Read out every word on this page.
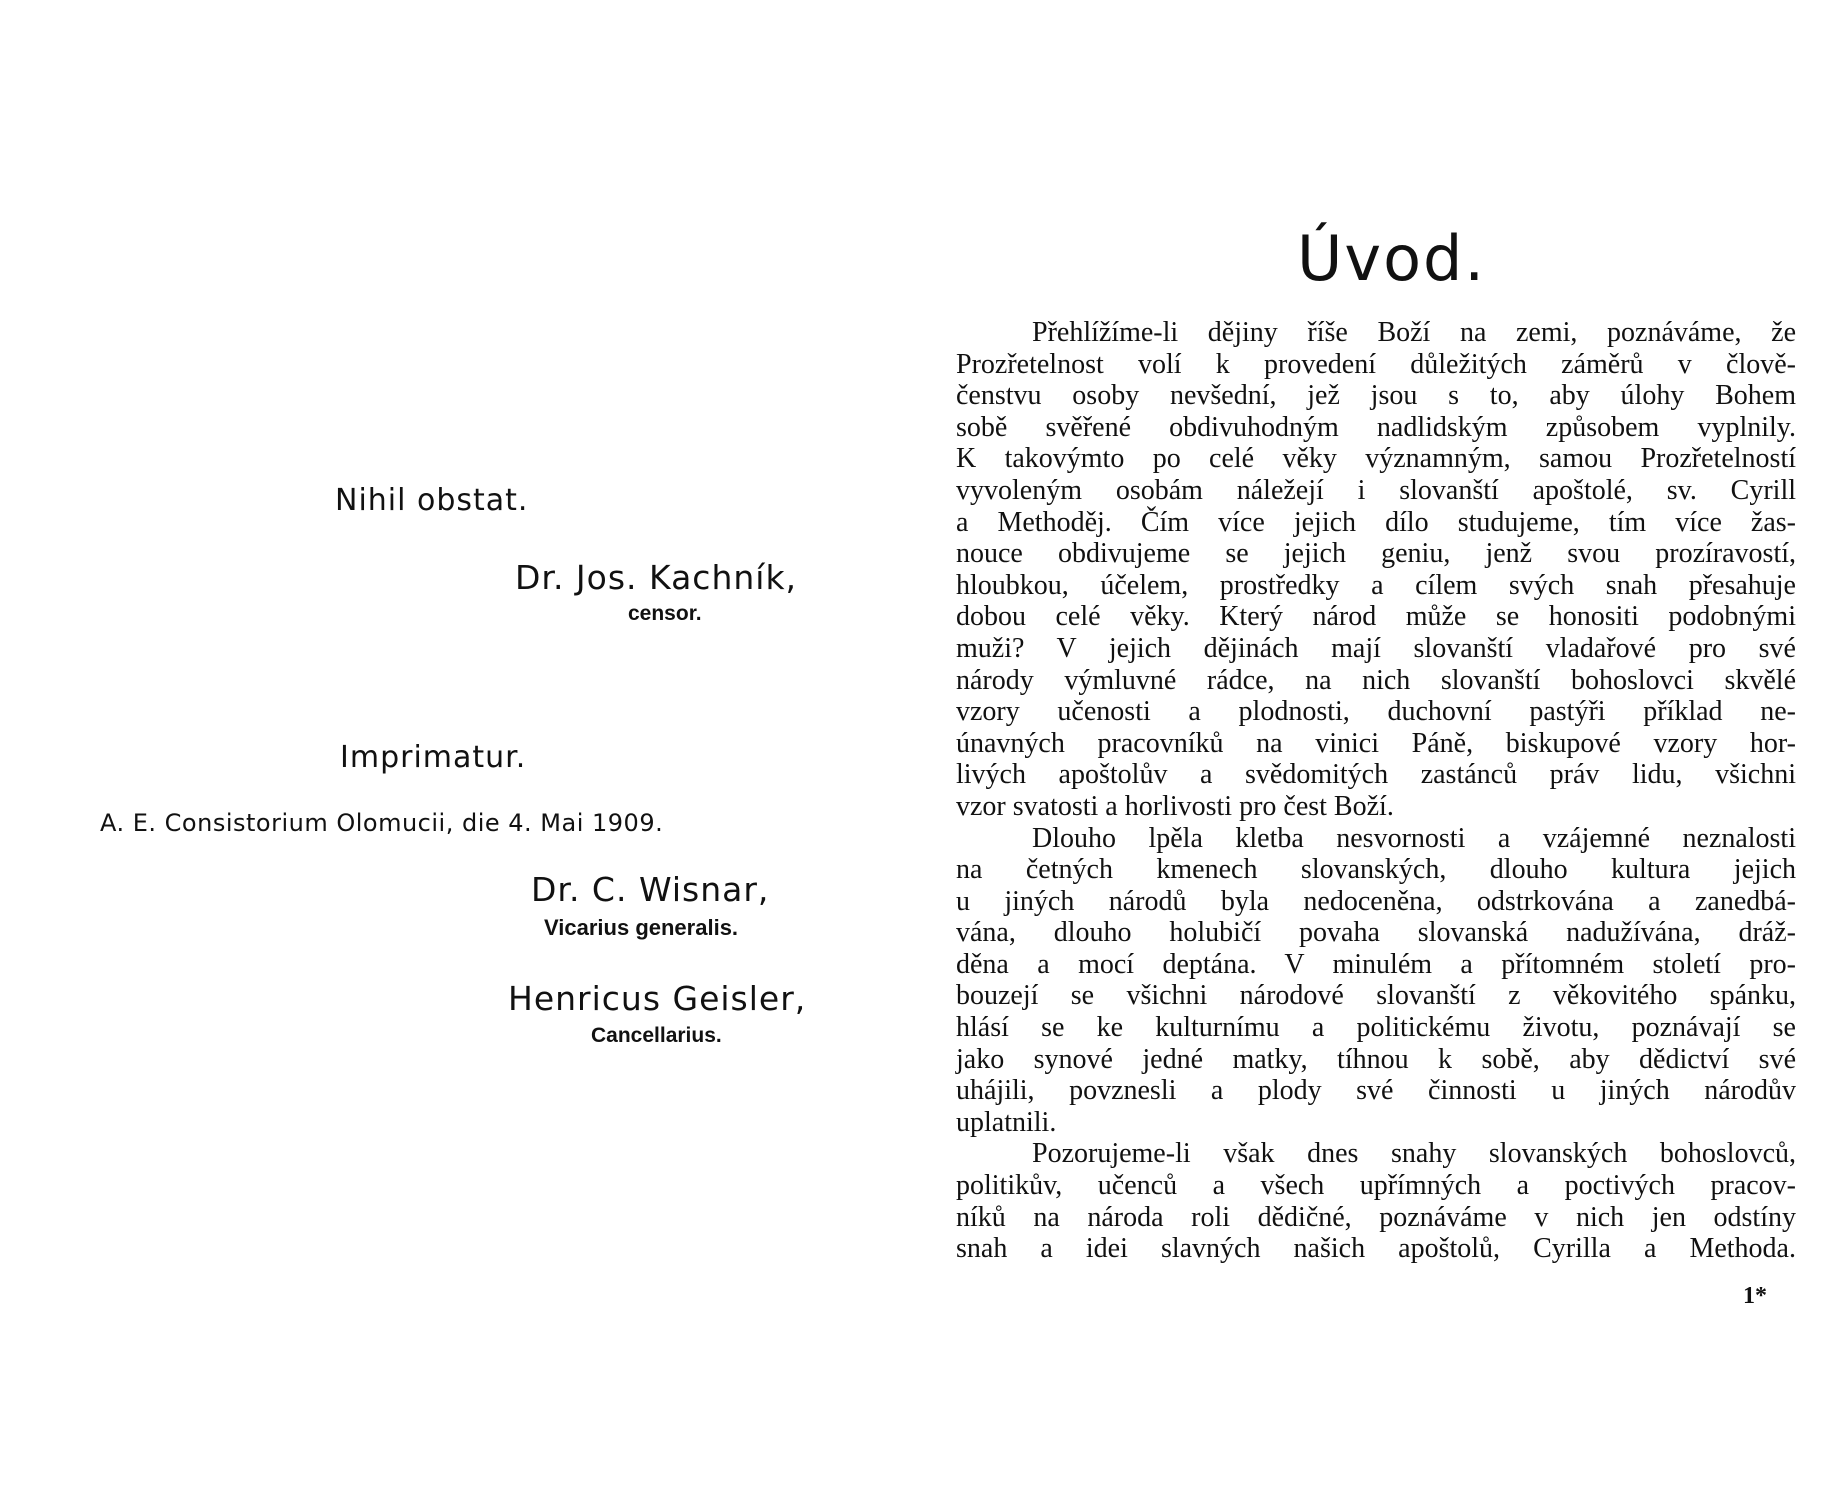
Nihil obstat.
Dr. Jos. Kachník,
censor.
Imprimatur.
A. E. Consistorium Olomucii, die 4. Mai 1909.
Dr. C. Wisnar,
Vicarius generalis.
Henricus Geisler,
Cancellarius.
Úvod.
Přehlížíme-li dějiny říše Boží na zemi, poznáváme, že
Prozřetelnost volí k provedení důležitých záměrů v člově-
čenstvu osoby nevšední, jež jsou s to, aby úlohy Bohem
sobě svěřené obdivuhodným nadlidským způsobem vyplnily.
K takovýmto po celé věky významným, samou Prozřetelností
vyvoleným osobám náležejí i slovanští apoštolé, sv. Cyrill
a Methoděj. Čím více jejich dílo studujeme, tím více žas-
nouce obdivujeme se jejich geniu, jenž svou prozíravostí,
hloubkou, účelem, prostředky a cílem svých snah přesahuje
dobou celé věky. Který národ může se honositi podobnými
muži? V jejich dějinách mají slovanští vladařové pro své
národy výmluvné rádce, na nich slovanští bohoslovci skvělé
vzory učenosti a plodnosti, duchovní pastýři příklad ne-
únavných pracovníků na vinici Páně, biskupové vzory hor-
livých apoštolův a svědomitých zastánců práv lidu, všichni
vzor svatosti a horlivosti pro čest Boží.
Dlouho lpěla kletba nesvornosti a vzájemné neznalosti
na četných kmenech slovanských, dlouho kultura jejich
u jiných národů byla nedoceněna, odstrkována a zanedbá-
vána, dlouho holubičí povaha slovanská nadužívána, dráž-
děna a mocí deptána. V minulém a přítomném století pro-
bouzejí se všichni národové slovanští z věkovitého spánku,
hlásí se ke kulturnímu a politickému životu, poznávají se
jako synové jedné matky, tíhnou k sobě, aby dědictví své
uhájili, povznesli a plody své činnosti u jiných národův
uplatnili.
Pozorujeme-li však dnes snahy slovanských bohoslovců,
politikův, učenců a všech upřímných a poctivých pracov-
níků na národa roli dědičné, poznáváme v nich jen odstíny
snah a idei slavných našich apoštolů, Cyrilla a Methoda.
1*
